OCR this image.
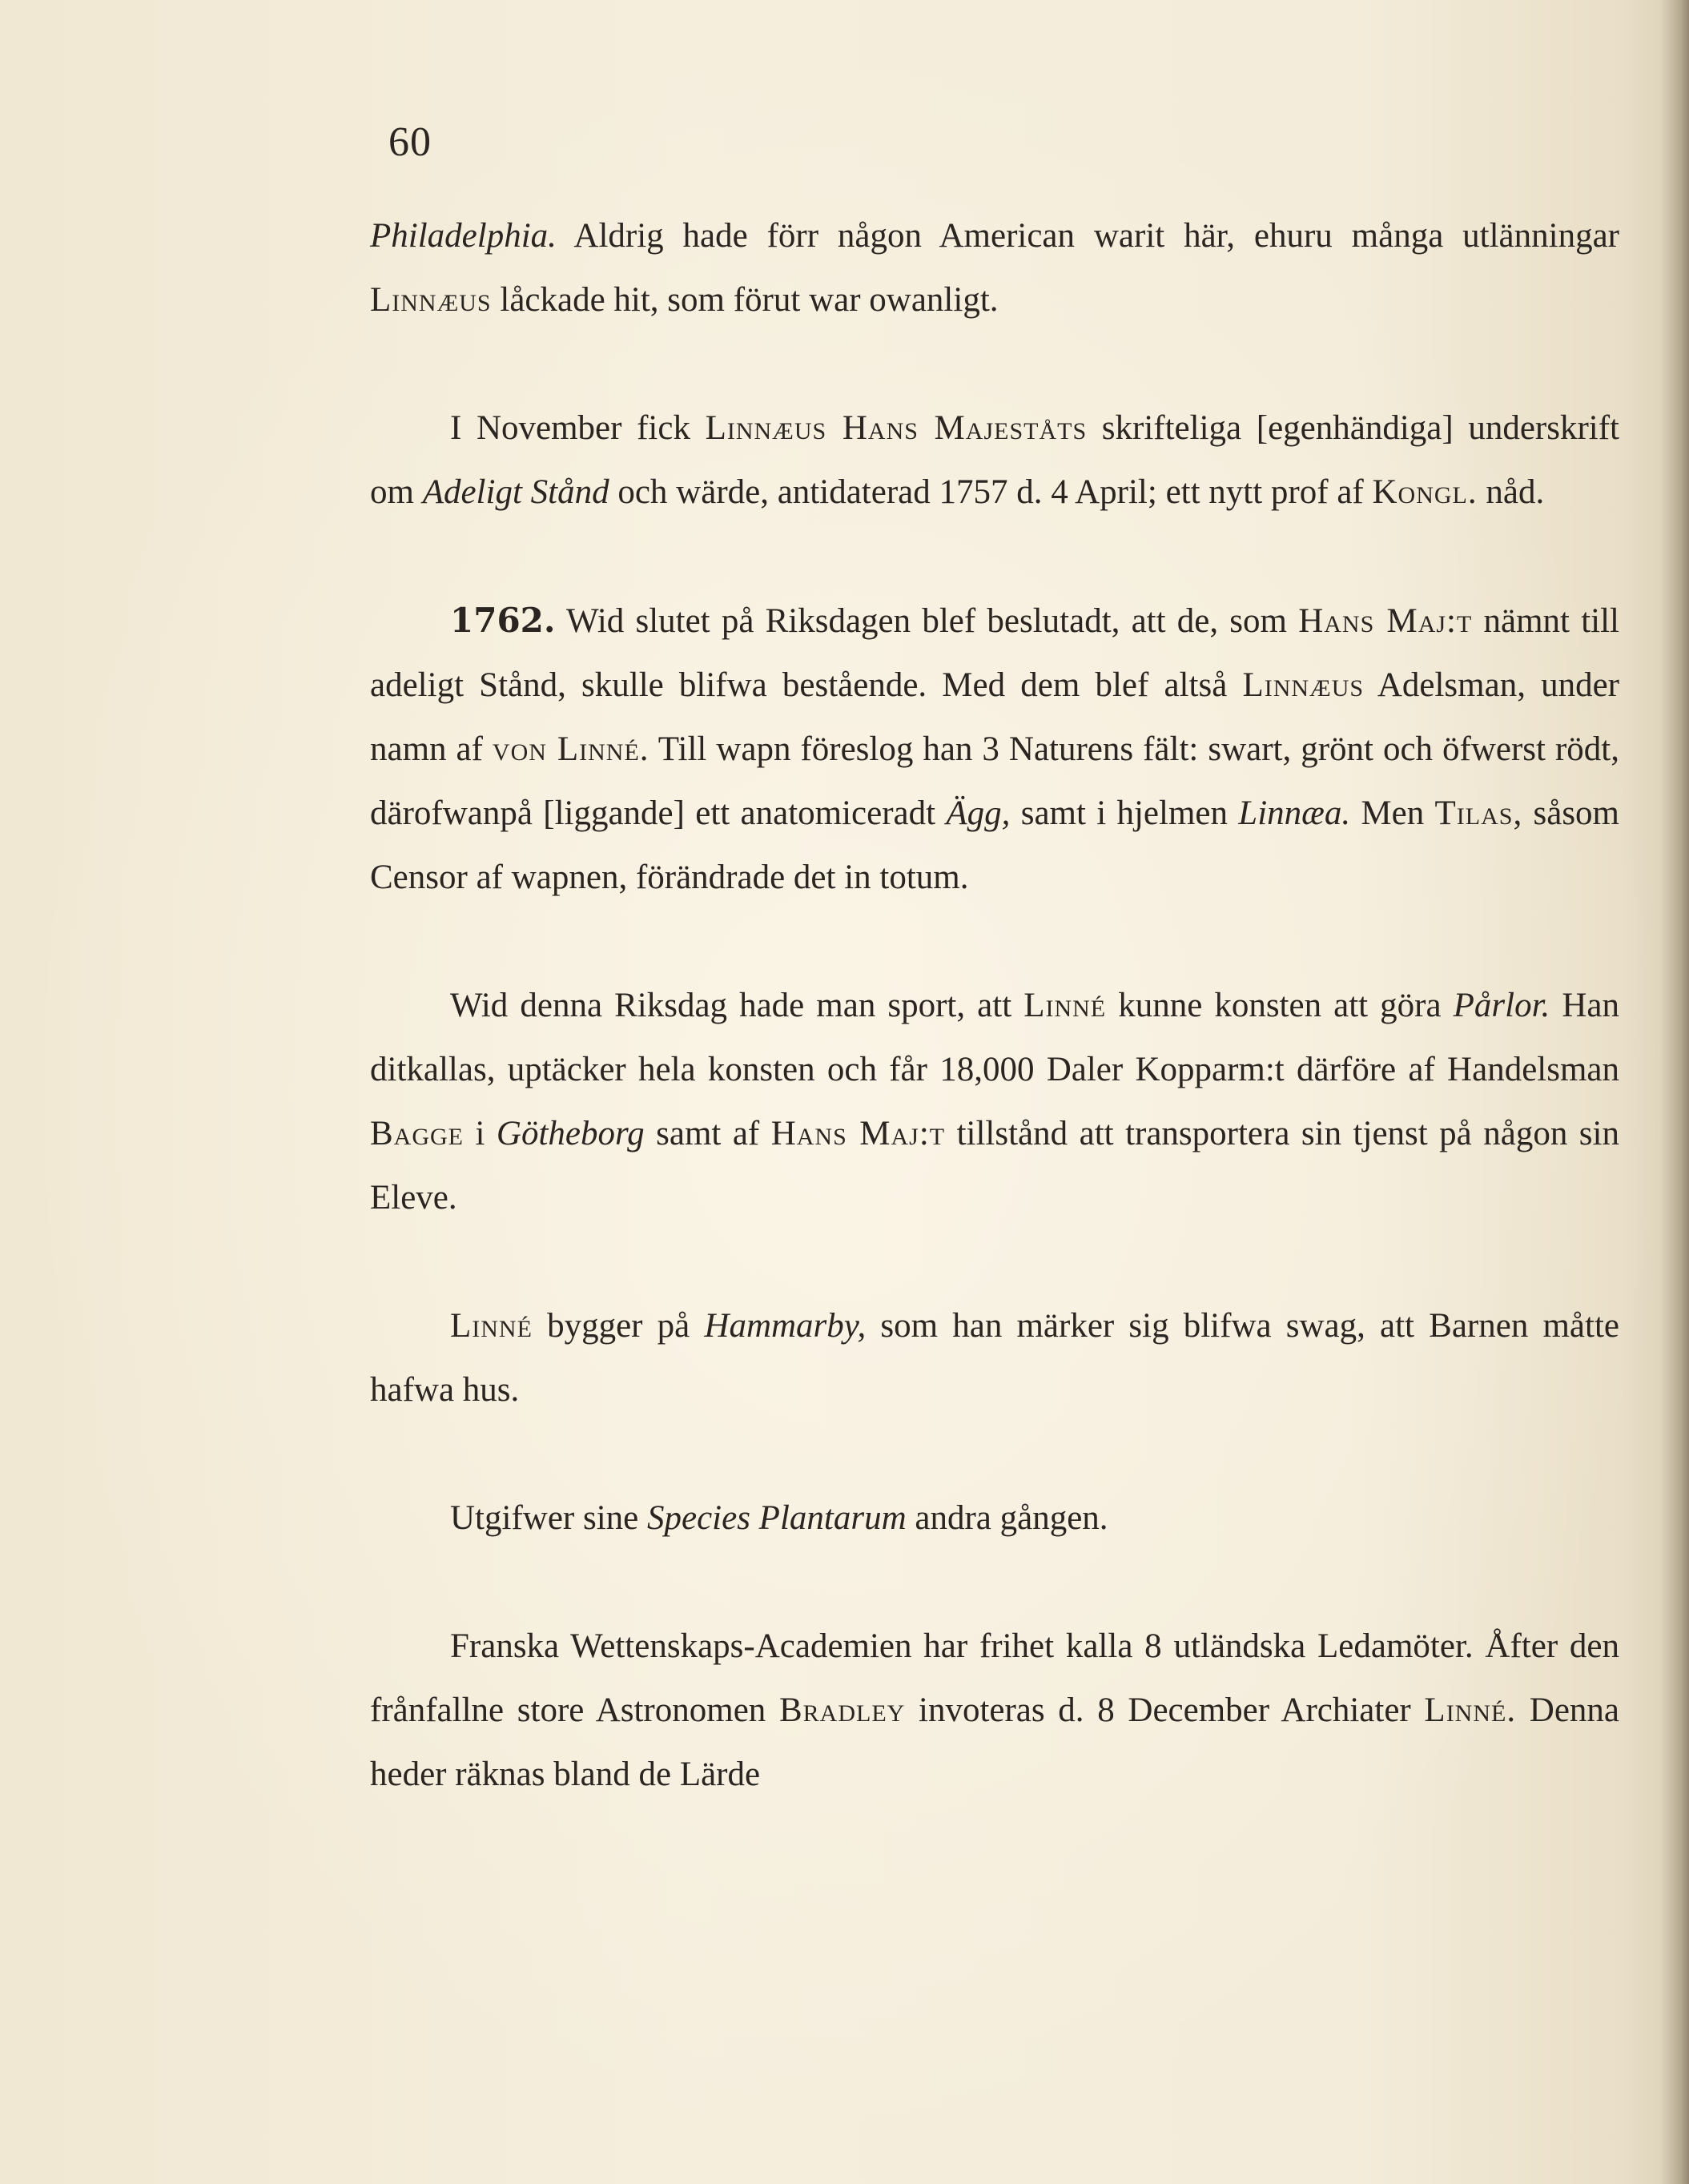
60

Philadelphia. Aldrig hade förr någon American warit här, ehuru många utlänningar Linnæus låckade hit, som förut war owanligt.

I November fick Linnæus Hans Majeståts skrifteliga [egenhändiga] underskrift om Adeligt Stånd och wärde, antidaterad 1757 d. 4 April; ett nytt prof af Kongl. nåd.

1762. Wid slutet på Riksdagen blef beslutadt, att de, som Hans Maj:t nämnt till adeligt Stånd, skulle blifwa bestående. Med dem blef altså Linnæus Adelsman, under namn af von Linné. Till wapn föreslog han 3 Naturens fält: swart, grönt och öfwerst rödt, därofwanpå [liggande] ett anatomiceradt Ägg, samt i hjelmen Linnæa. Men Tilas, såsom Censor af wapnen, förändrade det in totum.

Wid denna Riksdag hade man sport, att Linné kunne konsten att göra Pårlor. Han ditkallas, uptäcker hela konsten och får 18,000 Daler Kopparm:t därföre af Handelsman Bagge i Götheborg samt af Hans Maj:t tillstånd att transportera sin tjenst på någon sin Eleve.

Linné bygger på Hammarby, som han märker sig blifwa swag, att Barnen måtte hafwa hus.

Utgifwer sine Species Plantarum andra gången.

Franska Wettenskaps-Academien har frihet kalla 8 utländska Ledamöter. Åfter den frånfallne store Astronomen Bradley invoteras d. 8 December Archiater Linné. Denna heder räknas bland de Lärde
